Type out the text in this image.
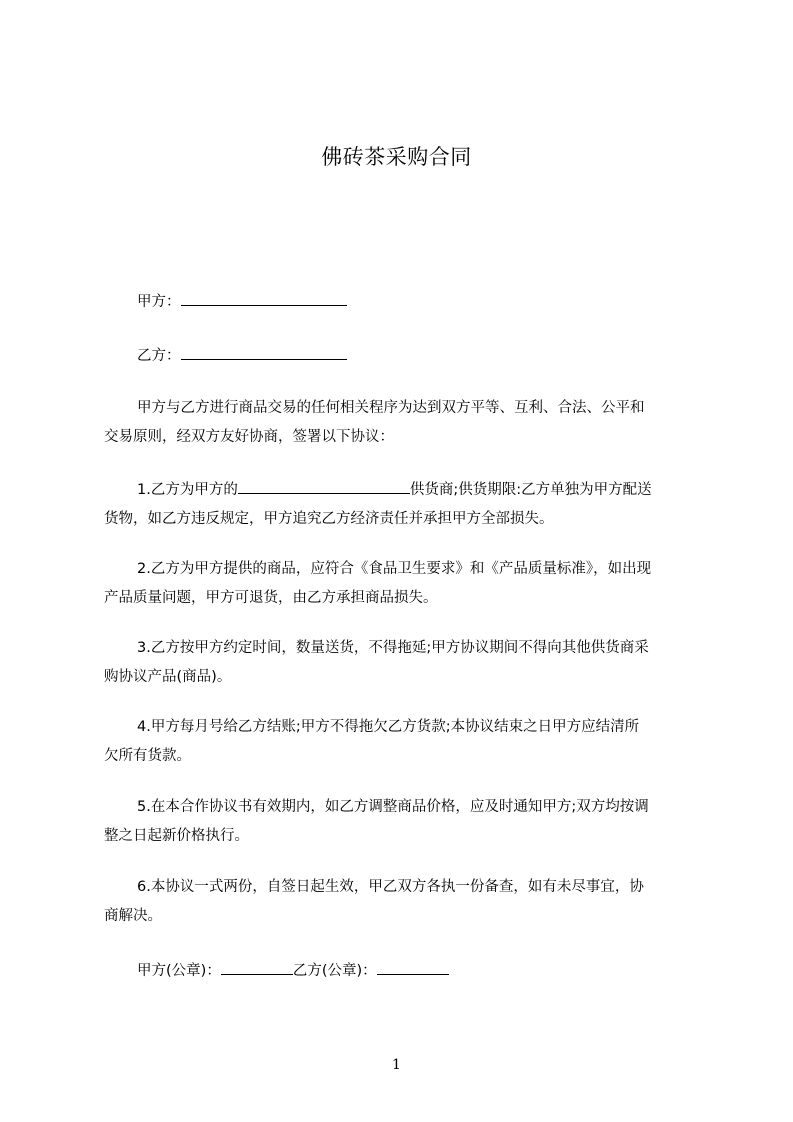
佛砖茶采购合同
甲方：
乙方：
甲方与乙方进行商品交易的任何相关程序为达到双方平等、互利、合法、公平和
交易原则，经双方友好协商，签署以下协议：
1.乙方为甲方的	供货商;供货期限:乙方单独为甲方配送
货物，如乙方违反规定，甲方追究乙方经济责任并承担甲方全部损失。
2.乙方为甲方提供的商品，应符合《食品卫生要求》和《产品质量标准》，如出现
产品质量问题，甲方可退货，由乙方承担商品损失。
3.乙方按甲方约定时间，数量送货，不得拖延;甲方协议期间不得向其他供货商采
购协议产品(商品)。
4.甲方每月号给乙方结账;甲方不得拖欠乙方货款;本协议结束之日甲方应结清所
欠所有货款。
5.在本合作协议书有效期内，如乙方调整商品价格，应及时通知甲方;双方均按调
整之日起新价格执行。
6.本协议一式两份，自签日起生效，甲乙双方各执一份备查，如有未尽事宜，协
商解决。
甲方(公章)：	乙方(公章)：
1
